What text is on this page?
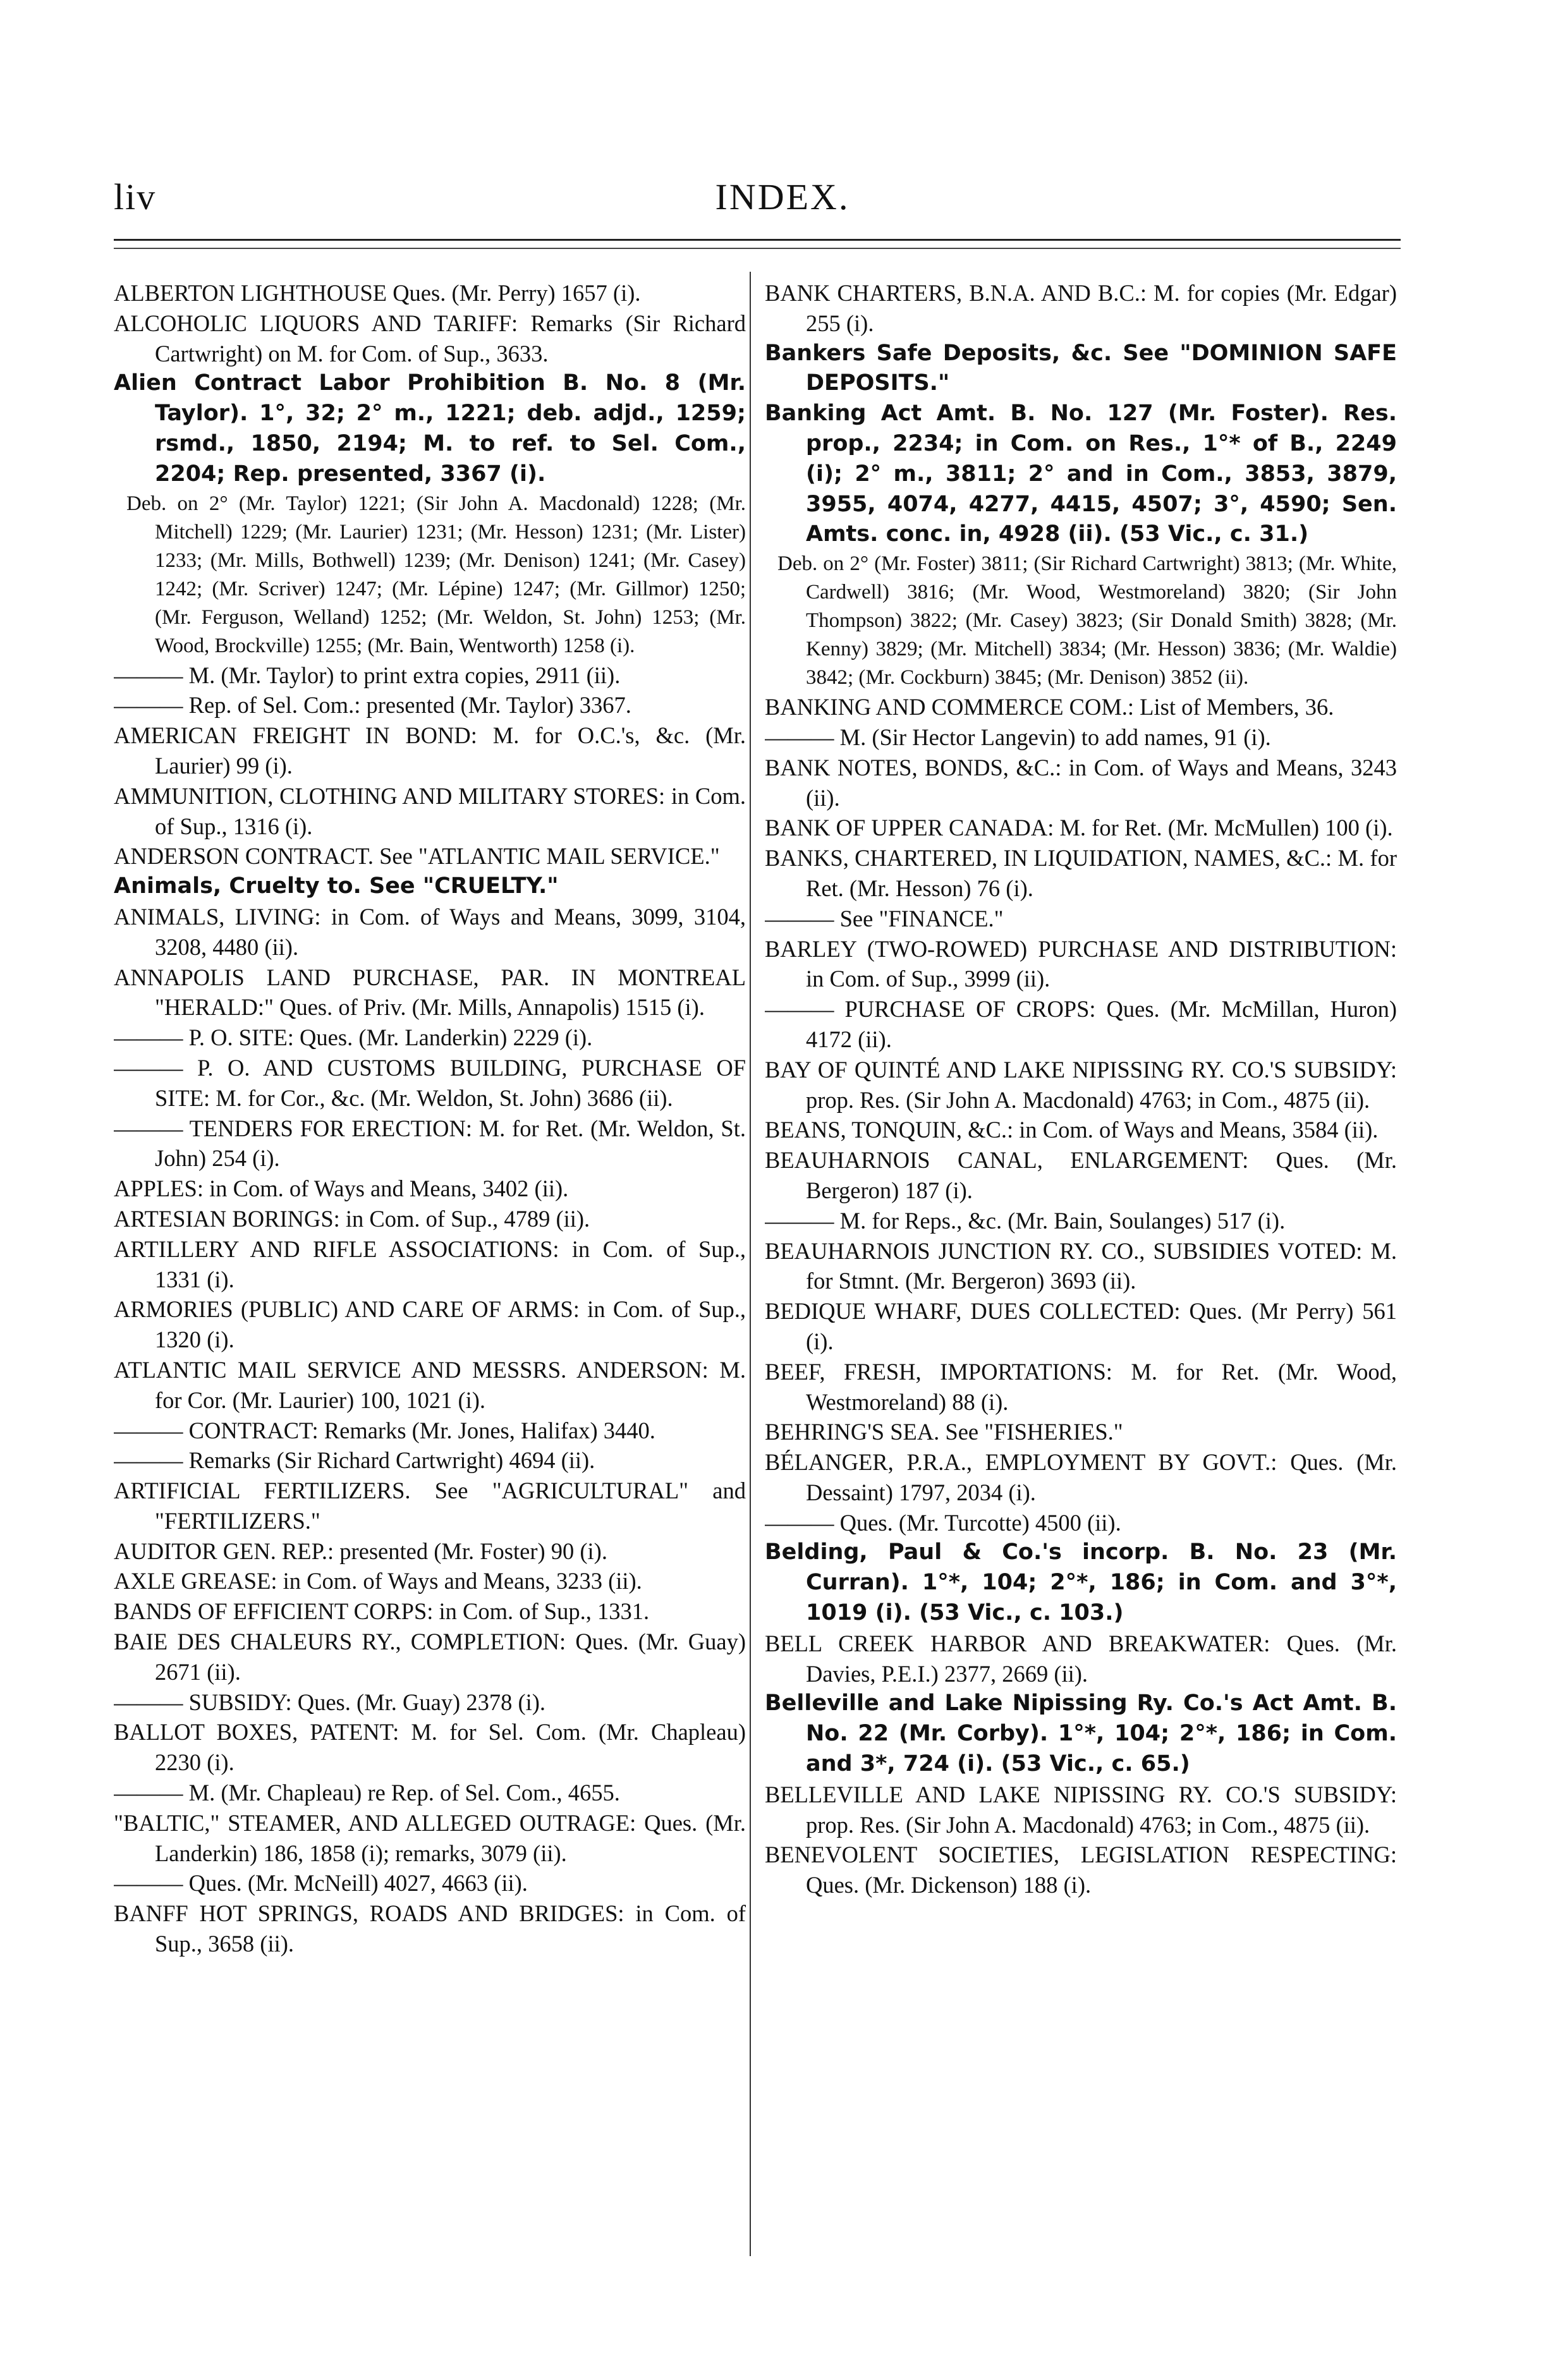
liv	INDEX.

ALBERTON LIGHTHOUSE Ques. (Mr. Perry) 1657 (i).

ALCOHOLIC LIQUORS AND TARIFF: Remarks (Sir Richard Cartwright) on M. for Com. of Sup., 3633.

Alien Contract Labor Prohibition B. No. 8 (Mr. Taylor). 1°, 32; 2° m., 1221; deb. adjd., 1259; rsmd., 1850, 2194; M. to ref. to Sel. Com., 2204; Rep. presented, 3367 (i).

Deb. on 2° (Mr. Taylor) 1221; (Sir John A. Macdonald) 1228; (Mr. Mitchell) 1229; (Mr. Laurier) 1231; (Mr. Hesson) 1231; (Mr. Lister) 1233; (Mr. Mills, Bothwell) 1239; (Mr. Denison) 1241; (Mr. Casey) 1242; (Mr. Scriver) 1247; (Mr. Lépine) 1247; (Mr. Gillmor) 1250; (Mr. Ferguson, Welland) 1252; (Mr. Weldon, St. John) 1253; (Mr. Wood, Brockville) 1255; (Mr. Bain, Wentworth) 1258 (i).

——— M. (Mr. Taylor) to print extra copies, 2911 (ii).

——— Rep. of Sel. Com.: presented (Mr. Taylor) 3367.

AMERICAN FREIGHT IN BOND: M. for O.C.'s, &c. (Mr. Laurier) 99 (i).

AMMUNITION, CLOTHING AND MILITARY STORES: in Com. of Sup., 1316 (i).

ANDERSON CONTRACT. See "ATLANTIC MAIL SERVICE."

Animals, Cruelty to. See "CRUELTY."

ANIMALS, LIVING: in Com. of Ways and Means, 3099, 3104, 3208, 4480 (ii).

ANNAPOLIS LAND PURCHASE, PAR. IN MONTREAL "HERALD:" Ques. of Priv. (Mr. Mills, Annapolis) 1515 (i).

——— P. O. SITE: Ques. (Mr. Landerkin) 2229 (i).

——— P. O. AND CUSTOMS BUILDING, PURCHASE OF SITE: M. for Cor., &c. (Mr. Weldon, St. John) 3686 (ii).

——— TENDERS FOR ERECTION: M. for Ret. (Mr. Weldon, St. John) 254 (i).

APPLES: in Com. of Ways and Means, 3402 (ii).

ARTESIAN BORINGS: in Com. of Sup., 4789 (ii).

ARTILLERY AND RIFLE ASSOCIATIONS: in Com. of Sup., 1331 (i).

ARMORIES (PUBLIC) AND CARE OF ARMS: in Com. of Sup., 1320 (i).

ATLANTIC MAIL SERVICE AND MESSRS. ANDERSON: M. for Cor. (Mr. Laurier) 100, 1021 (i).

——— CONTRACT: Remarks (Mr. Jones, Halifax) 3440.

——— Remarks (Sir Richard Cartwright) 4694 (ii).

ARTIFICIAL FERTILIZERS. See "AGRICULTURAL" and "FERTILIZERS."

AUDITOR GEN. REP.: presented (Mr. Foster) 90 (i).

AXLE GREASE: in Com. of Ways and Means, 3233 (ii).

BANDS OF EFFICIENT CORPS: in Com. of Sup., 1331.

BAIE DES CHALEURS RY., COMPLETION: Ques. (Mr. Guay) 2671 (ii).

——— SUBSIDY: Ques. (Mr. Guay) 2378 (i).

BALLOT BOXES, PATENT: M. for Sel. Com. (Mr. Chapleau) 2230 (i).

——— M. (Mr. Chapleau) re Rep. of Sel. Com., 4655.

"BALTIC," STEAMER, AND ALLEGED OUTRAGE: Ques. (Mr. Landerkin) 186, 1858 (i); remarks, 3079 (ii).

——— Ques. (Mr. McNeill) 4027, 4663 (ii).

BANFF HOT SPRINGS, ROADS AND BRIDGES: in Com. of Sup., 3658 (ii).

BANK CHARTERS, B.N.A. AND B.C.: M. for copies (Mr. Edgar) 255 (i).

Bankers Safe Deposits, &c. See "DOMINION SAFE DEPOSITS."

Banking Act Amt. B. No. 127 (Mr. Foster). Res. prop., 2234; in Com. on Res., 1°* of B., 2249 (i); 2° m., 3811; 2° and in Com., 3853, 3879, 3955, 4074, 4277, 4415, 4507; 3°, 4590; Sen. Amts. conc. in, 4928 (ii). (53 Vic., c. 31.)

Deb. on 2° (Mr. Foster) 3811; (Sir Richard Cartwright) 3813; (Mr. White, Cardwell) 3816; (Mr. Wood, Westmoreland) 3820; (Sir John Thompson) 3822; (Mr. Casey) 3823; (Sir Donald Smith) 3828; (Mr. Kenny) 3829; (Mr. Mitchell) 3834; (Mr. Hesson) 3836; (Mr. Waldie) 3842; (Mr. Cockburn) 3845; (Mr. Denison) 3852 (ii).

BANKING AND COMMERCE COM.: List of Members, 36.

——— M. (Sir Hector Langevin) to add names, 91 (i).

BANK NOTES, BONDS, &C.: in Com. of Ways and Means, 3243 (ii).

BANK OF UPPER CANADA: M. for Ret. (Mr. McMullen) 100 (i).

BANKS, CHARTERED, IN LIQUIDATION, NAMES, &C.: M. for Ret. (Mr. Hesson) 76 (i).

——— See "FINANCE."

BARLEY (TWO-ROWED) PURCHASE AND DISTRIBUTION: in Com. of Sup., 3999 (ii).

——— PURCHASE OF CROPS: Ques. (Mr. McMillan, Huron) 4172 (ii).

BAY OF QUINTÉ AND LAKE NIPISSING RY. CO.'S SUBSIDY: prop. Res. (Sir John A. Macdonald) 4763; in Com., 4875 (ii).

BEANS, TONQUIN, &C.: in Com. of Ways and Means, 3584 (ii).

BEAUHARNOIS CANAL, ENLARGEMENT: Ques. (Mr. Bergeron) 187 (i).

——— M. for Reps., &c. (Mr. Bain, Soulanges) 517 (i).

BEAUHARNOIS JUNCTION RY. CO., SUBSIDIES VOTED: M. for Stmnt. (Mr. Bergeron) 3693 (ii).

BEDIQUE WHARF, DUES COLLECTED: Ques. (Mr Perry) 561 (i).

BEEF, FRESH, IMPORTATIONS: M. for Ret. (Mr. Wood, Westmoreland) 88 (i).

BEHRING'S SEA. See "FISHERIES."

BÉLANGER, P.R.A., EMPLOYMENT BY GOVT.: Ques. (Mr. Dessaint) 1797, 2034 (i).

——— Ques. (Mr. Turcotte) 4500 (ii).

Belding, Paul & Co.'s incorp. B. No. 23 (Mr. Curran). 1°*, 104; 2°*, 186; in Com. and 3°*, 1019 (i). (53 Vic., c. 103.)

BELL CREEK HARBOR AND BREAKWATER: Ques. (Mr. Davies, P.E.I.) 2377, 2669 (ii).

Belleville and Lake Nipissing Ry. Co.'s Act Amt. B. No. 22 (Mr. Corby). 1°*, 104; 2°*, 186; in Com. and 3*, 724 (i). (53 Vic., c. 65.)

BELLEVILLE AND LAKE NIPISSING RY. CO.'S SUBSIDY: prop. Res. (Sir John A. Macdonald) 4763; in Com., 4875 (ii).

BENEVOLENT SOCIETIES, LEGISLATION RESPECTING: Ques. (Mr. Dickenson) 188 (i).
